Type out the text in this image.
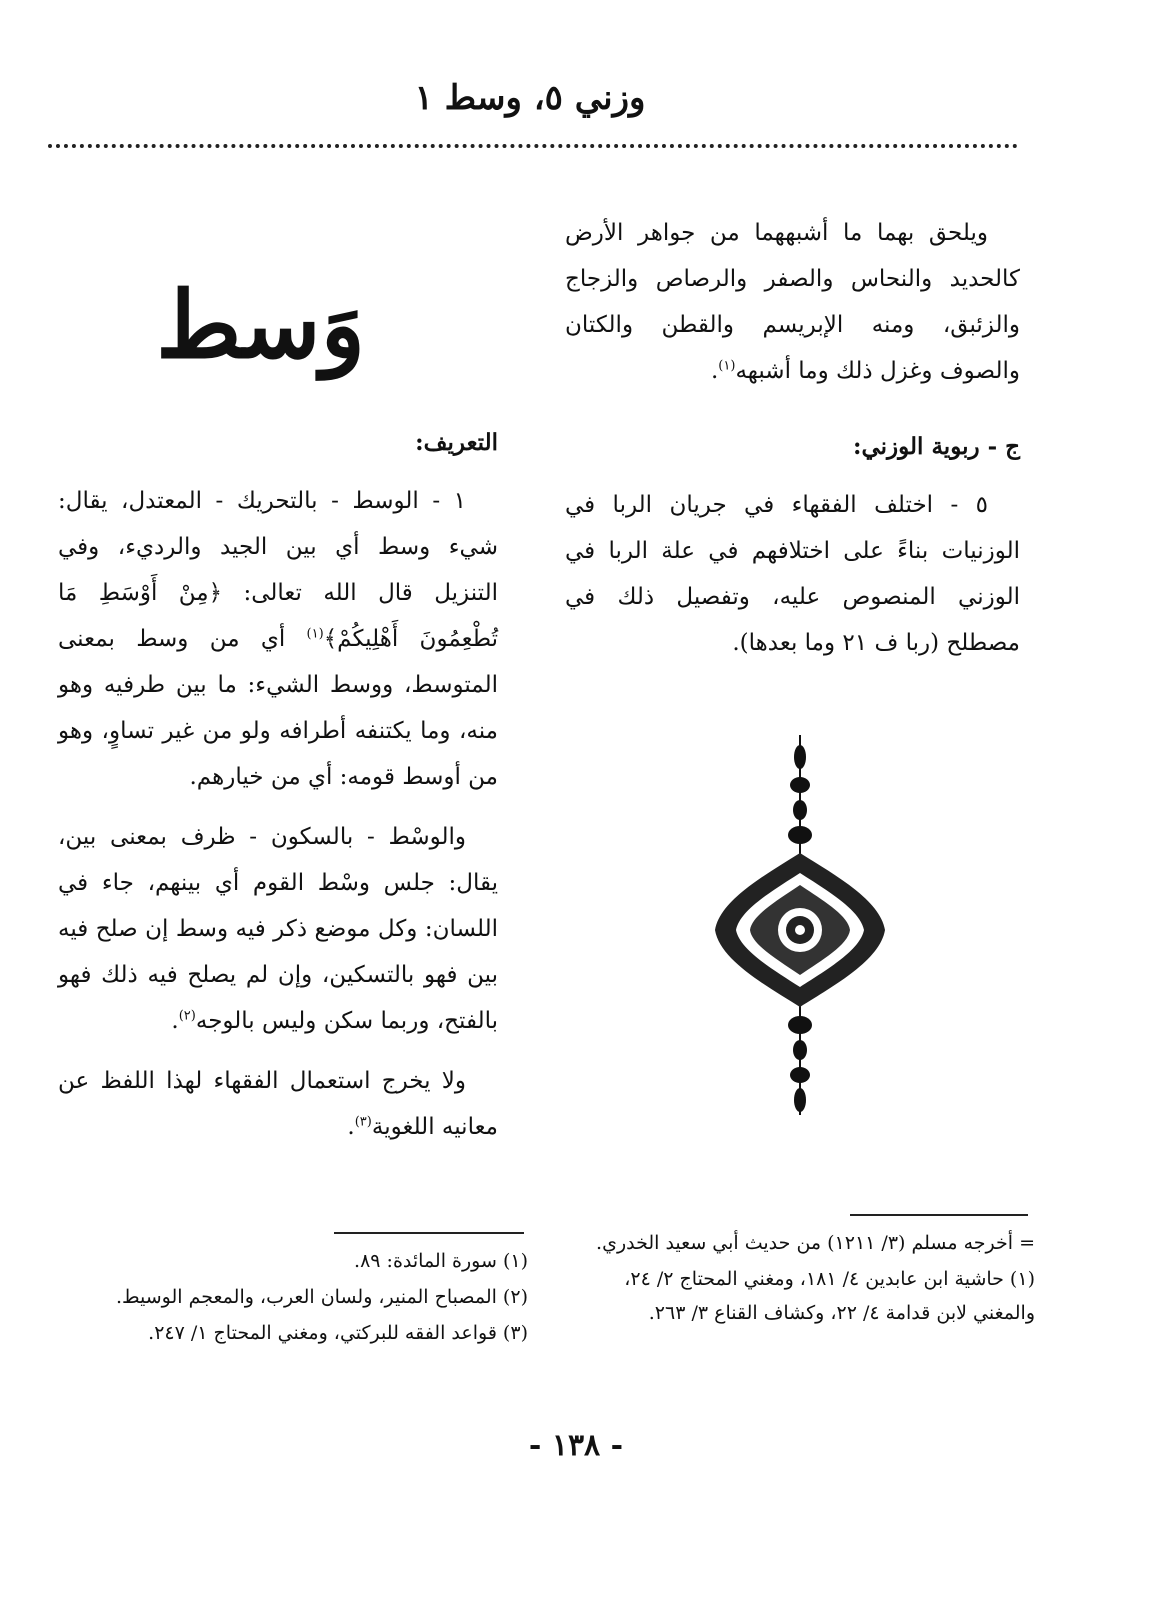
وزني ٥، وسط ١

ويلحق بهما ما أشبههما من جواهر الأرض كالحديد والنحاس والصفر والرصاص والزجاج والزئبق، ومنه الإبريسم والقطن والكتان والصوف وغزل ذلك وما أشبهه$^{(١)}$.

ج - ربوية الوزني:

٥ - اختلف الفقهاء في جريان الربا في الوزنيات بناءً على اختلافهم في علة الربا في الوزني المنصوص عليه، وتفصيل ذلك في مصطلح (ربا ف ٢١ وما بعدها).

وَسط

التعريف:

١ - الوسط - بالتحريك - المعتدل، يقال: شيء وسط أي بين الجيد والرديء، وفي التنزيل قال الله تعالى: ﴿مِنْ أَوْسَطِ مَا تُطْعِمُونَ أَهْلِيكُمْ﴾$^{(١)}$ أي من وسط بمعنى المتوسط، ووسط الشيء: ما بين طرفيه وهو منه، وما يكتنفه أطرافه ولو من غير تساوٍ، وهو من أوسط قومه: أي من خيارهم.

والوسْط - بالسكون - ظرف بمعنى بين، يقال: جلس وسْط القوم أي بينهم، جاء في اللسان: وكل موضع ذكر فيه وسط إن صلح فيه بين فهو بالتسكين، وإن لم يصلح فيه ذلك فهو بالفتح، وربما سكن وليس بالوجه$^{(٢)}$.

ولا يخرج استعمال الفقهاء لهذا اللفظ عن معانيه اللغوية$^{(٣)}$.

= أخرجه مسلم (٣/ ١٢١١) من حديث أبي سعيد الخدري.
(١) حاشية ابن عابدين ٤/ ١٨١، ومغني المحتاج ٢/ ٢٤، والمغني لابن قدامة ٤/ ٢٢، وكشاف القناع ٣/ ٢٦٣.
(١) سورة المائدة: ٨٩.
(٢) المصباح المنير، ولسان العرب، والمعجم الوسيط.
(٣) قواعد الفقه للبركتي، ومغني المحتاج ١/ ٢٤٧.
- ١٣٨ -
